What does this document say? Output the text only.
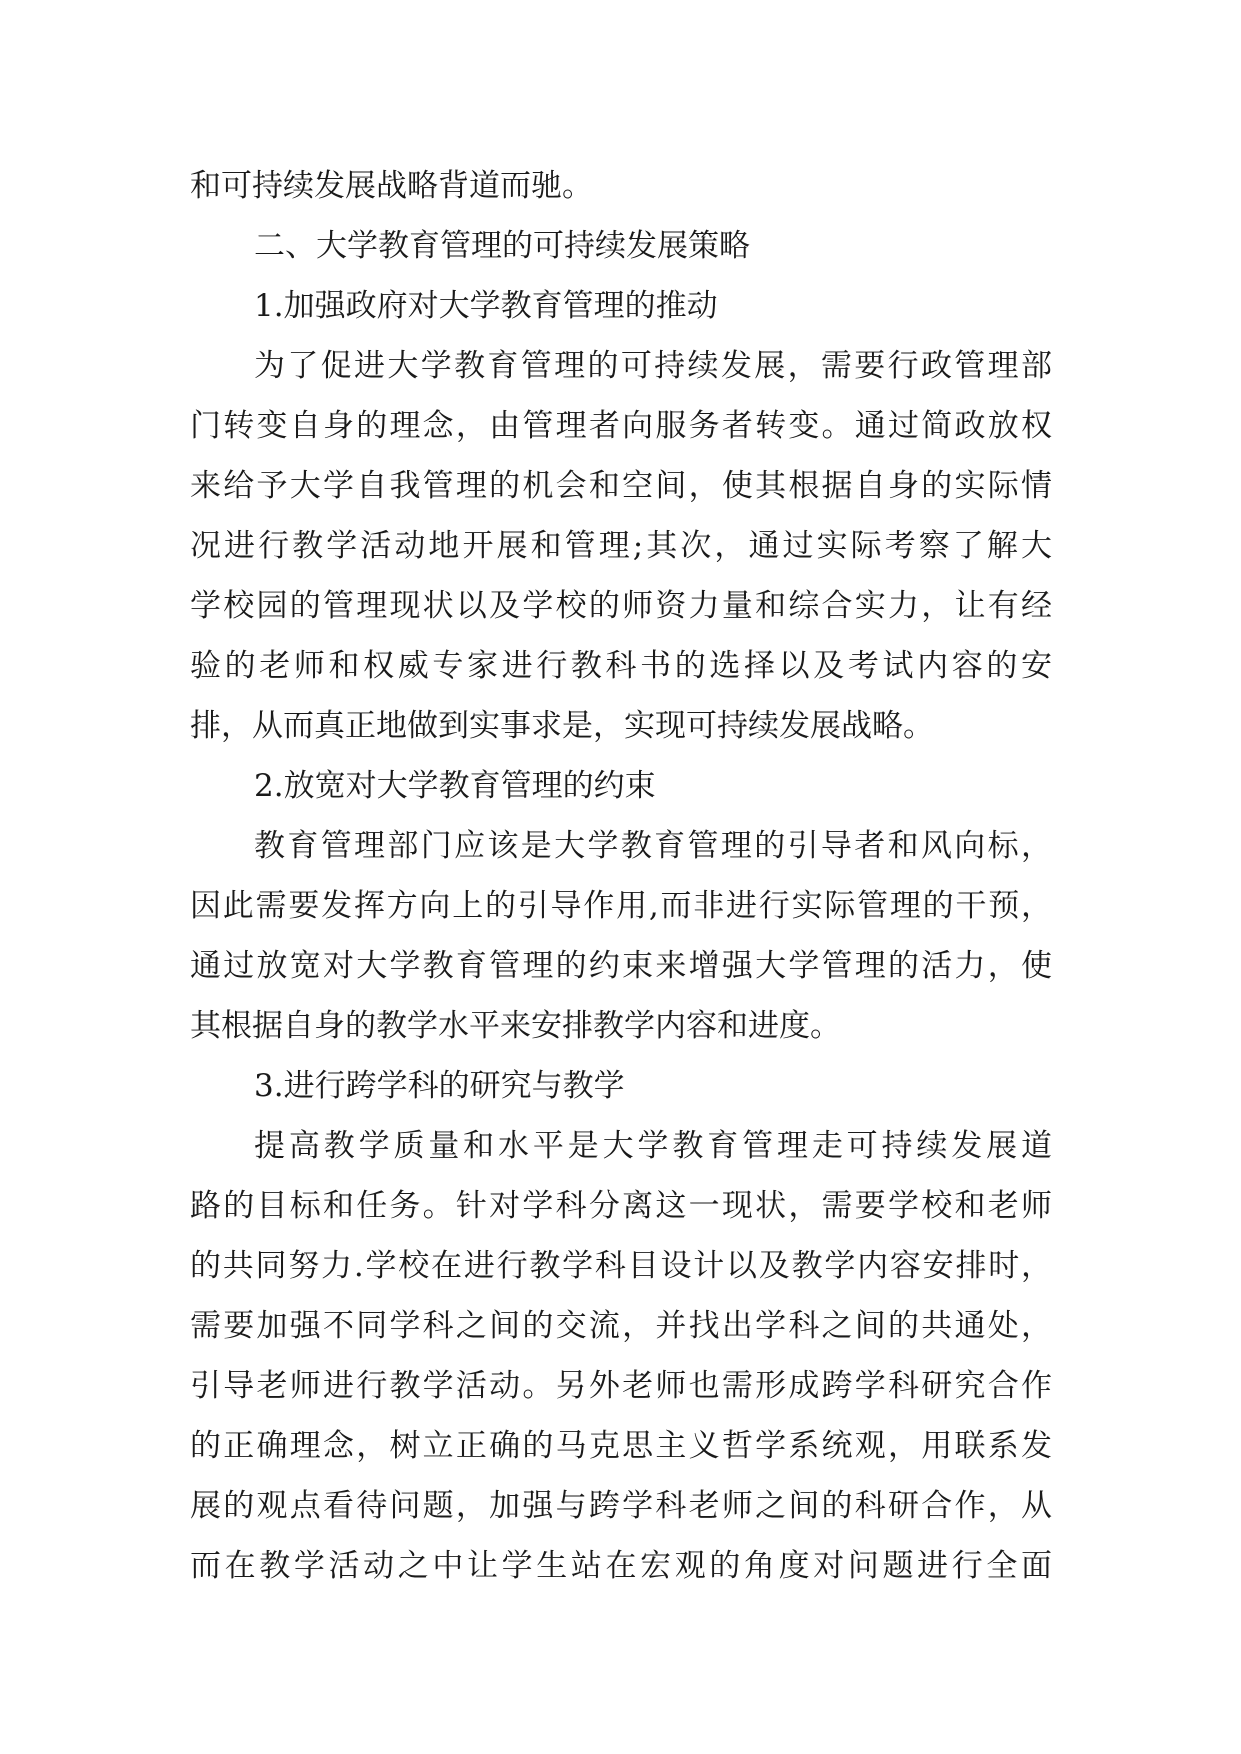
和可持续发展战略背道而驰。
二、大学教育管理的可持续发展策略
1.加强政府对大学教育管理的推动
为了促进大学教育管理的可持续发展，需要行政管理部
门转变自身的理念，由管理者向服务者转变。通过简政放权
来给予大学自我管理的机会和空间，使其根据自身的实际情
况进行教学活动地开展和管理;其次，通过实际考察了解大
学校园的管理现状以及学校的师资力量和综合实力，让有经
验的老师和权威专家进行教科书的选择以及考试内容的安
排，从而真正地做到实事求是，实现可持续发展战略。
2.放宽对大学教育管理的约束
教育管理部门应该是大学教育管理的引导者和风向标，
因此需要发挥方向上的引导作用,而非进行实际管理的干预，
通过放宽对大学教育管理的约束来增强大学管理的活力，使
其根据自身的教学水平来安排教学内容和进度。
3.进行跨学科的研究与教学
提高教学质量和水平是大学教育管理走可持续发展道
路的目标和任务。针对学科分离这一现状，需要学校和老师
的共同努力.学校在进行教学科目设计以及教学内容安排时，
需要加强不同学科之间的交流，并找出学科之间的共通处，
引导老师进行教学活动。另外老师也需形成跨学科研究合作
的正确理念，树立正确的马克思主义哲学系统观，用联系发
展的观点看待问题，加强与跨学科老师之间的科研合作，从
而在教学活动之中让学生站在宏观的角度对问题进行全面
